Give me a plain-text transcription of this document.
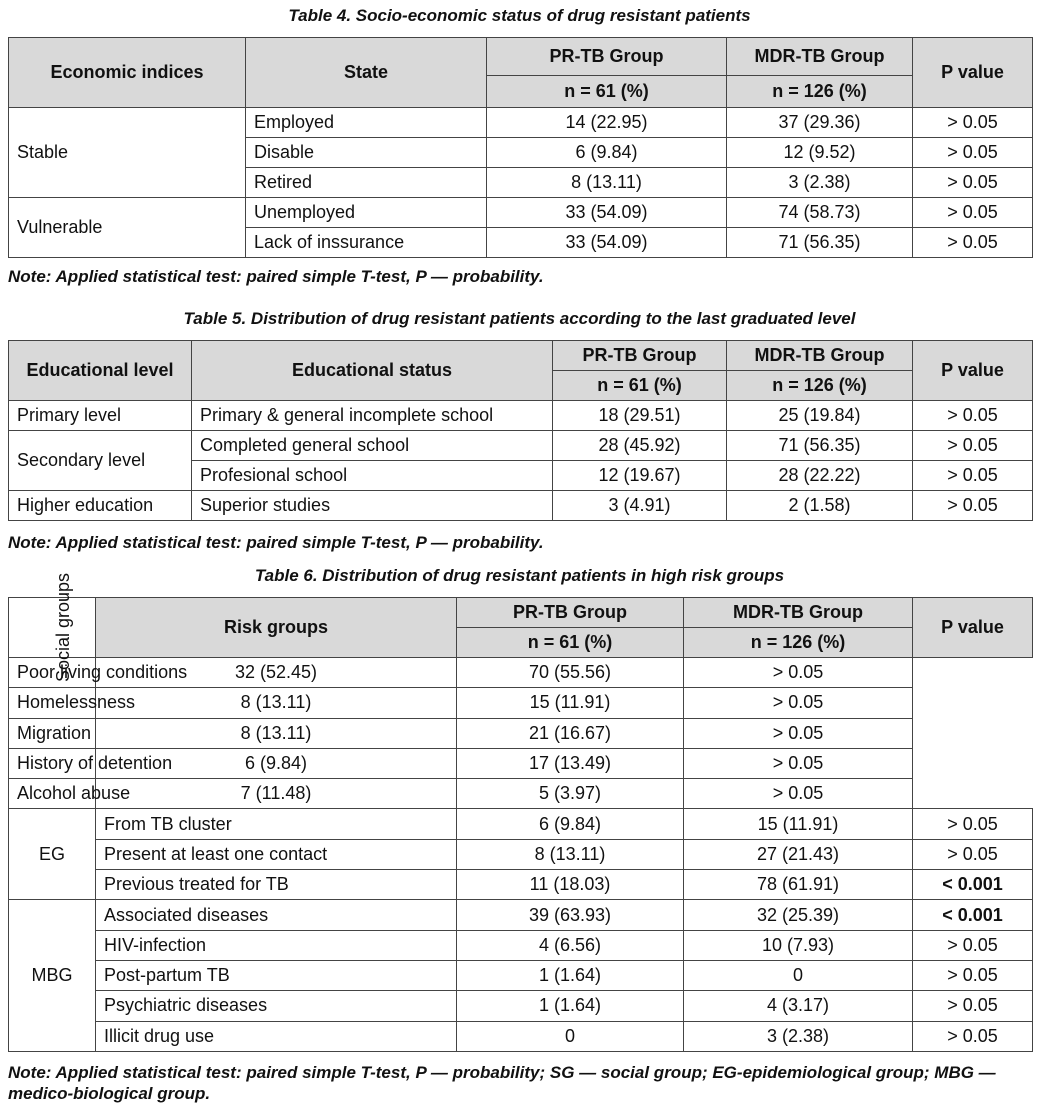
Table 4. Socio-economic status of drug resistant patients
Economic indices	State	PR-TB Group	MDR-TB Group	P value
		n = 61 (%)	n = 126 (%)	
Stable	Employed	14 (22.95)	37 (29.36)	> 0.05
	Disable	6 (9.84)	12 (9.52)	> 0.05
	Retired	8 (13.11)	3 (2.38)	> 0.05
Vulnerable	Unemployed	33 (54.09)	74 (58.73)	> 0.05
	Lack of inssurance	33 (54.09)	71 (56.35)	> 0.05
Note: Applied statistical test: paired simple T-test, P — probability.
Table 5. Distribution of drug resistant patients according to the last graduated level
Educational level	Educational status	PR-TB Group	MDR-TB Group	P value
		n = 61 (%)	n = 126 (%)	
Primary level	Primary & general incomplete school	18 (29.51)	25 (19.84)	> 0.05
Secondary level	Completed general school	28 (45.92)	71 (56.35)	> 0.05
	Profesional school	12 (19.67)	28 (22.22)	> 0.05
Higher education	Superior studies	3 (4.91)	2 (1.58)	> 0.05
Note: Applied statistical test: paired simple T-test, P — probability.
Table 6. Distribution of drug resistant patients in high risk groups
Social groups	Risk groups	PR-TB Group	MDR-TB Group	P value
		n = 61 (%)	n = 126 (%)	
Poor living conditions	32 (52.45)	70 (55.56)	> 0.05	
Homelessness	8 (13.11)	15 (11.91)	> 0.05	
Migration	8 (13.11)	21 (16.67)	> 0.05	
History of detention	6 (9.84)	17 (13.49)	> 0.05	
Alcohol abuse	7 (11.48)	5 (3.97)	> 0.05	
EG	From TB cluster	6 (9.84)	15 (11.91)	> 0.05
	Present at least one contact	8 (13.11)	27 (21.43)	> 0.05
	Previous treated for TB	11 (18.03)	78 (61.91)	< 0.001
MBG	Associated diseases	39 (63.93)	32 (25.39)	< 0.001
	HIV-infection	4 (6.56)	10 (7.93)	> 0.05
	Post-partum TB	1 (1.64)	0	> 0.05
	Psychiatric diseases	1 (1.64)	4 (3.17)	> 0.05
	Illicit drug use	0	3 (2.38)	> 0.05
Note: Applied statistical test: paired simple T-test, P — probability; SG — social group; EG-epidemiological group; MBG — medico-biological group.
